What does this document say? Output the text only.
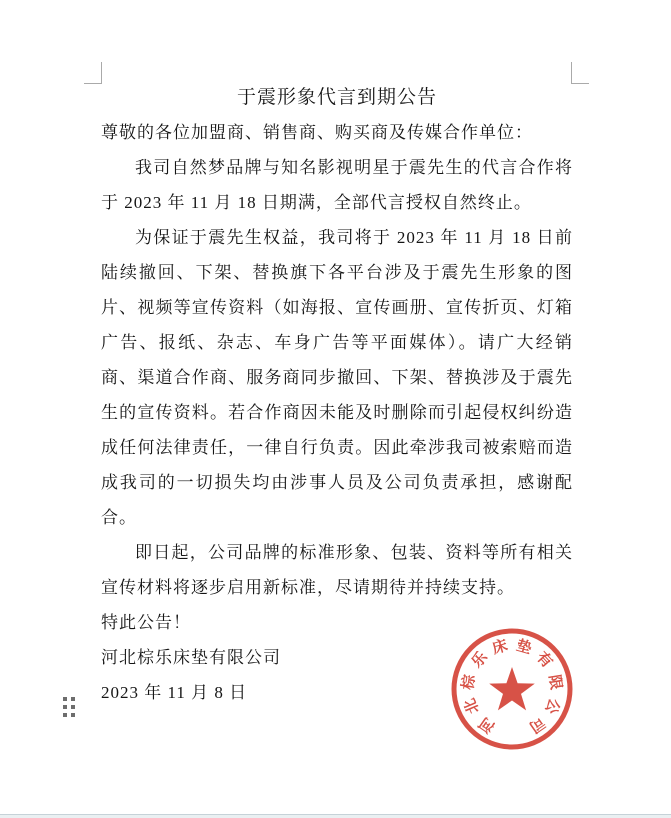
于震形象代言到期公告

尊敬的各位加盟商、销售商、购买商及传媒合作单位：

我司自然梦品牌与知名影视明星于震先生的代言合作将于 2023 年 11 月 18 日期满，全部代言授权自然终止。

为保证于震先生权益，我司将于 2023 年 11 月 18 日前陆续撤回、下架、替换旗下各平台涉及于震先生形象的图片、视频等宣传资料（如海报、宣传画册、宣传折页、灯箱广告、报纸、杂志、车身广告等平面媒体）。请广大经销商、渠道合作商、服务商同步撤回、下架、替换涉及于震先生的宣传资料。若合作商因未能及时删除而引起侵权纠纷造成任何法律责任，一律自行负责。因此牵涉我司被索赔而造成我司的一切损失均由涉事人员及公司负责承担，感谢配合。

即日起，公司品牌的标准形象、包装、资料等所有相关宣传材料将逐步启用新标准，尽请期待并持续支持。

特此公告！

河北棕乐床垫有限公司

2023 年 11 月 8 日

河
北
棕
乐
床 垫
有
限
公
司
